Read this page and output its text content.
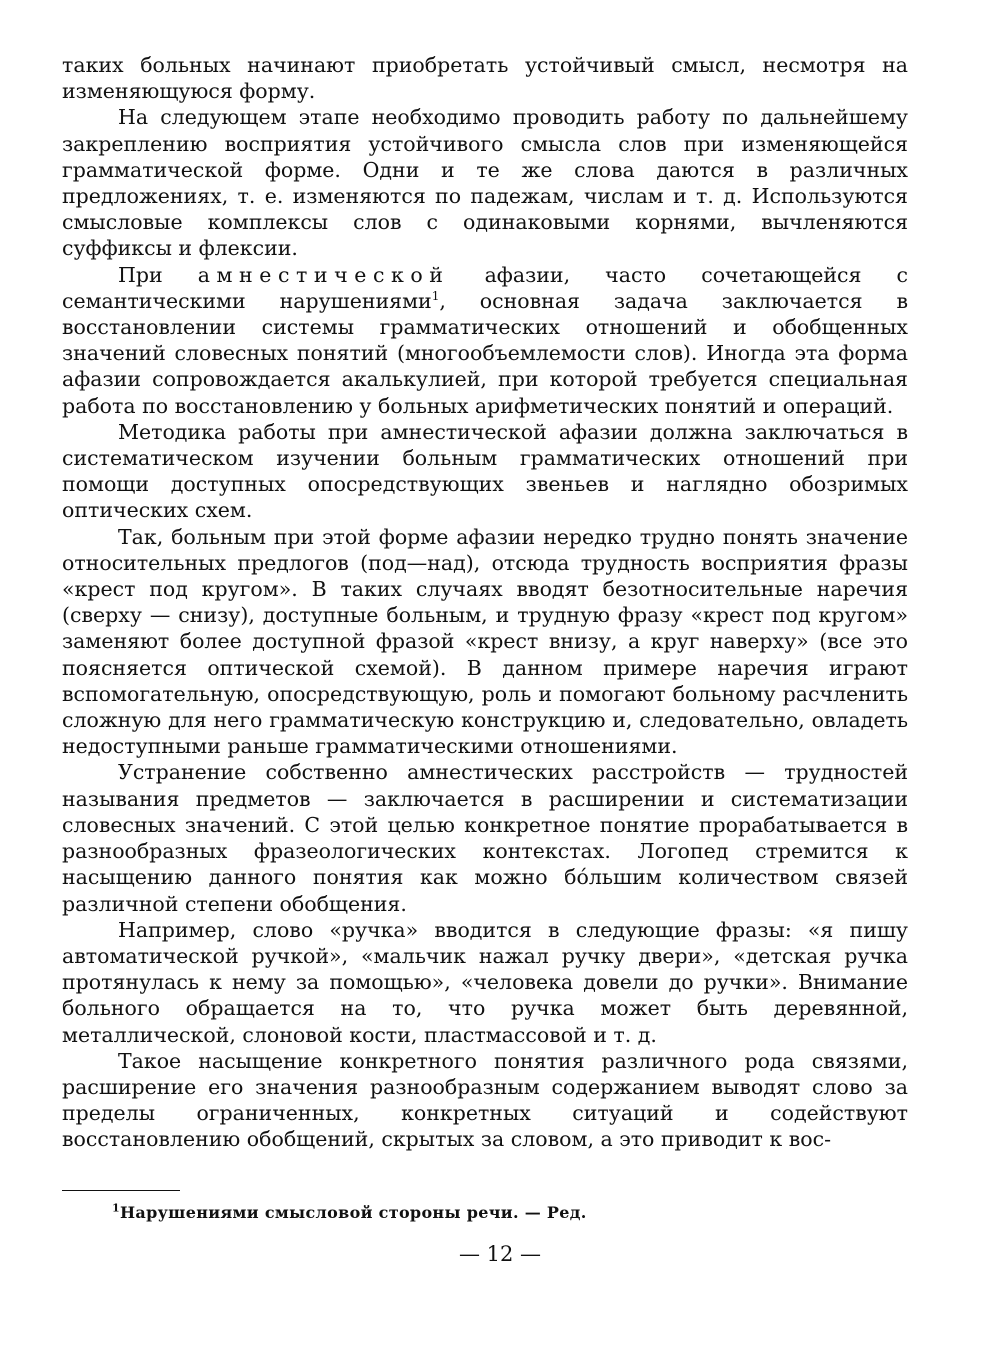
таких больных начинают приобретать устойчивый смысл, несмотря на изменяющуюся форму.

На следующем этапе необходимо проводить работу по дальнейшему закреплению восприятия устойчивого смысла слов при изменяющейся грамматической форме. Одни и те же слова даются в различных предложениях, т. е. изменяются по падежам, числам и т. д. Используются смысловые комплексы слов с одинаковыми корнями, вычленяются суффиксы и флексии.

При амнестической афазии, часто сочетающейся с семантическими нарушениями$^1$, основная задача заключается в восстановлении системы грамматических отношений и обобщенных значений словесных понятий (многообъемлемости слов). Иногда эта форма афазии сопровождается акалькулией, при которой требуется специальная работа по восстановлению у больных арифметических понятий и операций.

Методика работы при амнестической афазии должна заключаться в систематическом изучении больным грамматических отношений при помощи доступных опосредствующих звеньев и наглядно обозримых оптических схем.

Так, больным при этой форме афазии нередко трудно понять значение относительных предлогов (под—над), отсюда трудность восприятия фразы «крест под кругом». В таких случаях вводят безотносительные наречия (сверху — снизу), доступные больным, и трудную фразу «крест под кругом» заменяют более доступной фразой «крест внизу, а круг наверху» (все это поясняется оптической схемой). В данном примере наречия играют вспомогательную, опосредствующую, роль и помогают больному расчленить сложную для него грамматическую конструкцию и, следовательно, овладеть недоступными раньше грамматическими отношениями.

Устранение собственно амнестических расстройств — трудностей называния предметов — заключается в расширении и систематизации словесных значений. С этой целью конкретное понятие прорабатывается в разнообразных фразеологических контекстах. Логопед стремится к насыщению данного понятия как можно бо́льшим количеством связей различной степени обобщения.

Например, слово «ручка» вводится в следующие фразы: «я пишу автоматической ручкой», «мальчик нажал ручку двери», «детская ручка протянулась к нему за помощью», «человека довели до ручки». Внимание больного обращается на то, что ручка может быть деревянной, металлической, слоновой кости, пластмассовой и т. д.

Такое насыщение конкретного понятия различного рода связями, расширение его значения разнообразным содержанием выводят слово за пределы ограниченных, конкретных ситуаций и содействуют восстановлению обобщений, скрытых за словом, а это приводит к вос-

$^1$Нарушениями смысловой стороны речи. — Ред.
— 12 —
